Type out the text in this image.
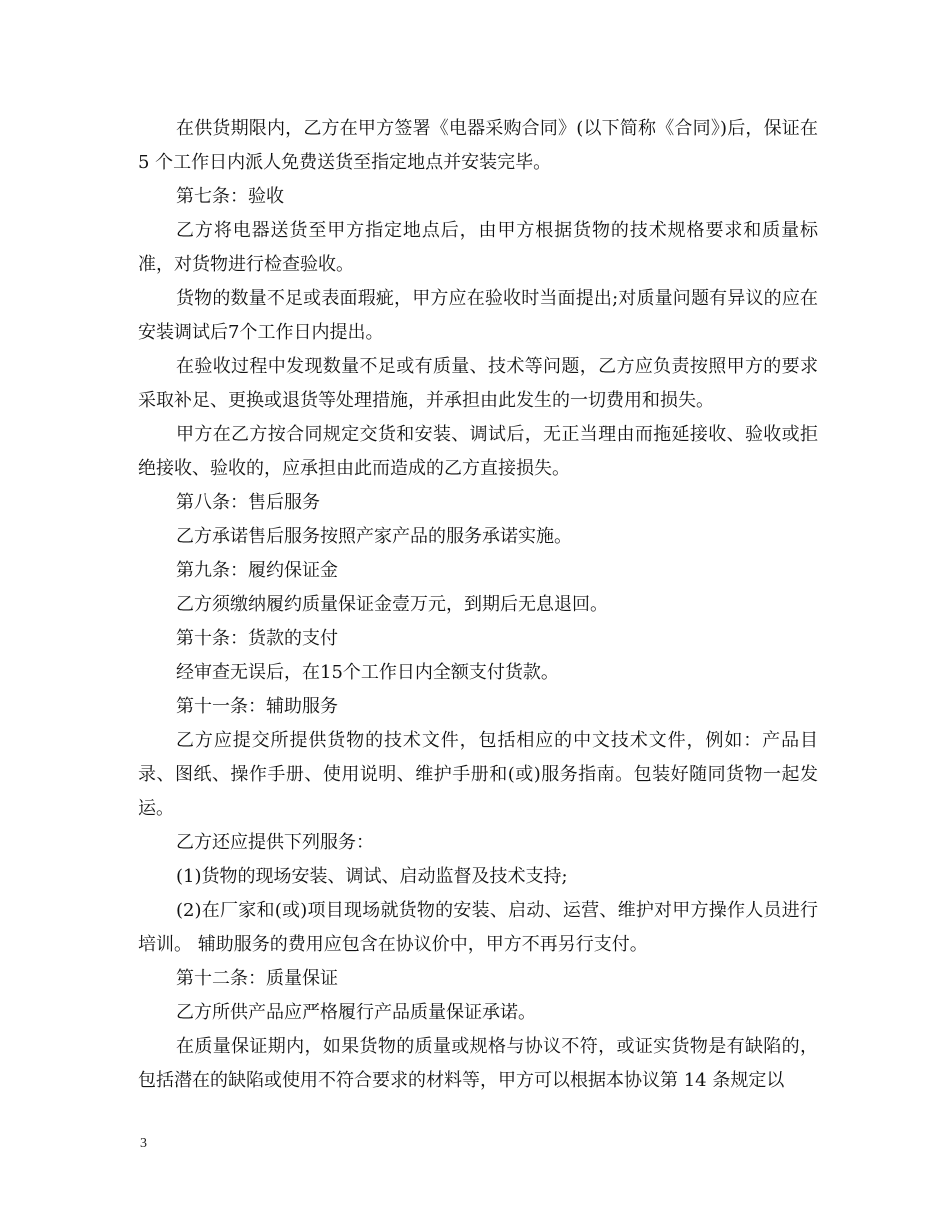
在供货期限内，乙方在甲方签署《电器采购合同》(以下简称《合同》)后，保证在 5 个工作日内派人免费送货至指定地点并安装完毕。

第七条：验收

乙方将电器送货至甲方指定地点后，由甲方根据货物的技术规格要求和质量标准，对货物进行检查验收。

货物的数量不足或表面瑕疵，甲方应在验收时当面提出;对质量问题有异议的应在安装调试后7个工作日内提出。

在验收过程中发现数量不足或有质量、技术等问题，乙方应负责按照甲方的要求采取补足、更换或退货等处理措施，并承担由此发生的一切费用和损失。

甲方在乙方按合同规定交货和安装、调试后，无正当理由而拖延接收、验收或拒绝接收、验收的，应承担由此而造成的乙方直接损失。

第八条：售后服务

乙方承诺售后服务按照产家产品的服务承诺实施。

第九条：履约保证金

乙方须缴纳履约质量保证金壹万元，到期后无息退回。

第十条：货款的支付

经审查无误后，在15个工作日内全额支付货款。

第十一条：辅助服务

乙方应提交所提供货物的技术文件，包括相应的中文技术文件，例如：产品目录、图纸、操作手册、使用说明、维护手册和(或)服务指南。包装好随同货物一起发运。

乙方还应提供下列服务：

(1)货物的现场安装、调试、启动监督及技术支持;

(2)在厂家和(或)项目现场就货物的安装、启动、运营、维护对甲方操作人员进行培训。 辅助服务的费用应包含在协议价中，甲方不再另行支付。

第十二条：质量保证

乙方所供产品应严格履行产品质量保证承诺。

在质量保证期内，如果货物的质量或规格与协议不符，或证实货物是有缺陷的，包括潜在的缺陷或使用不符合要求的材料等，甲方可以根据本协议第 14 条规定以

3
